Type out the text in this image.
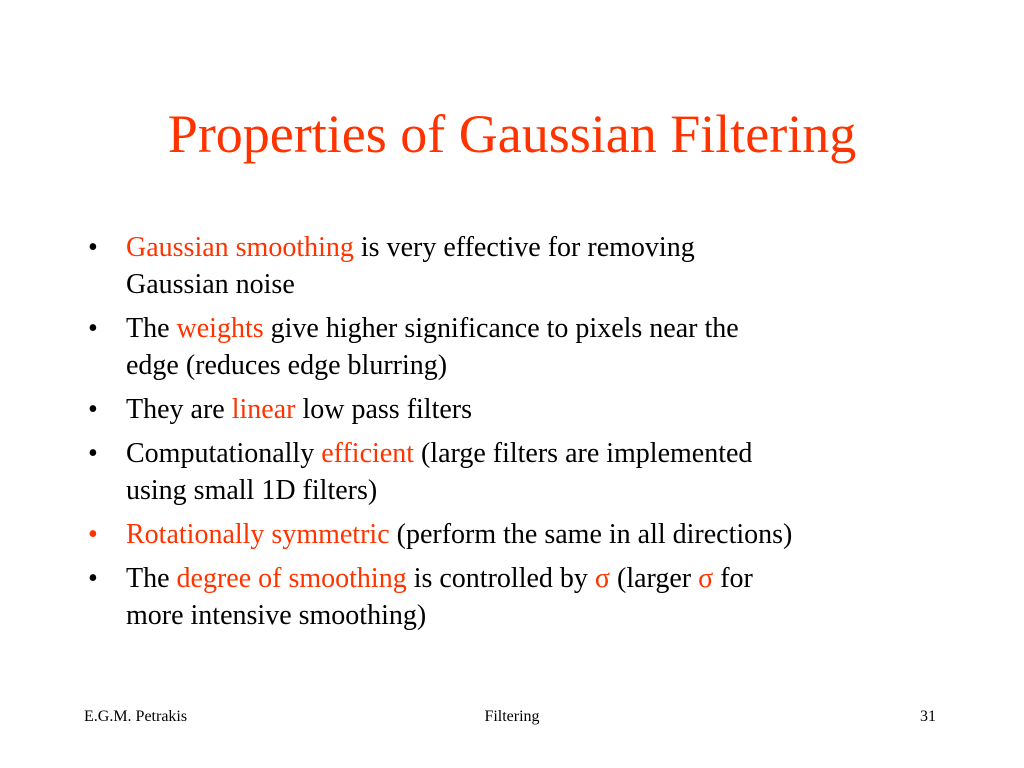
Properties of Gaussian Filtering
•	Gaussian smoothing is very effective for removing
Gaussian noise
•	The weights give higher significance to pixels near the
edge (reduces edge blurring)
•	They are linear low pass filters
•	Computationally efficient (large filters are implemented
using small 1D filters)
•	Rotationally symmetric (perform the same in all directions)
•	The degree of smoothing is controlled by σ (larger σ for
more intensive smoothing)
E.G.M. Petrakis	Filtering	31
